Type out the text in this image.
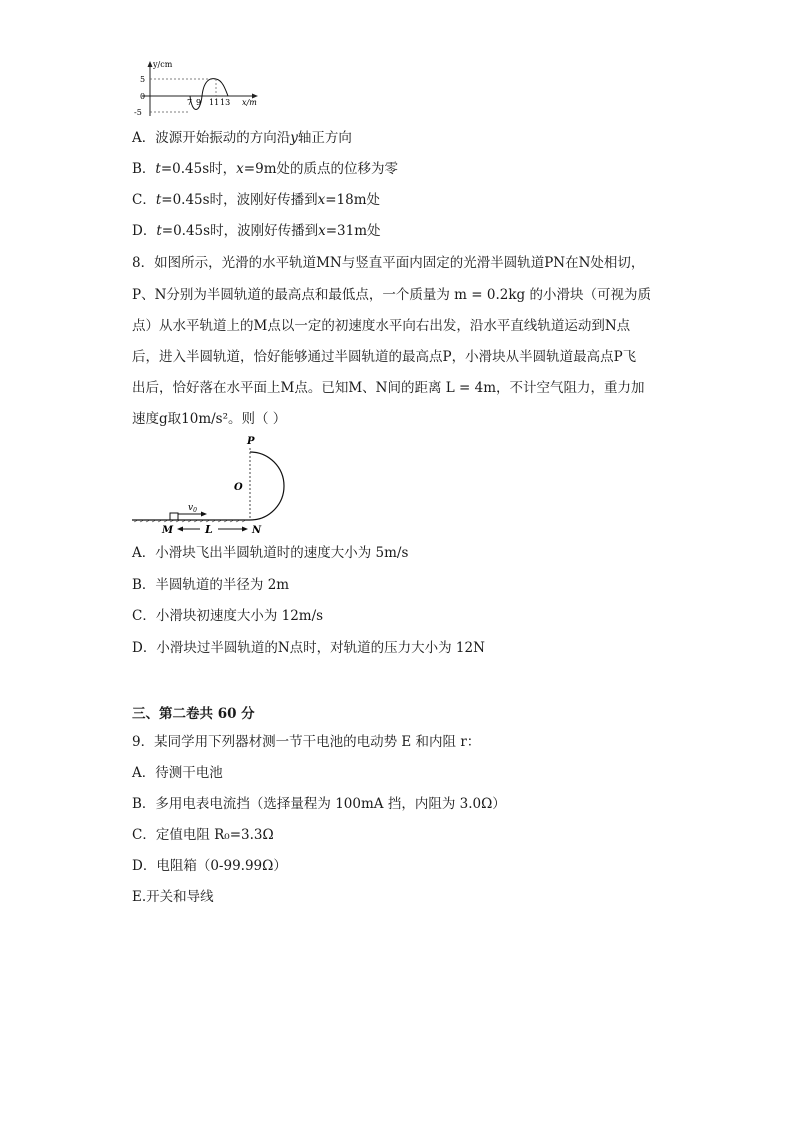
y/cm
x/m
5
0
-5
7 9 11 13
A．波源开始振动的方向沿y轴正方向
B．t=0.45s时，x=9m处的质点的位移为零
C．t=0.45s时，波刚好传播到x=18m处
D．t=0.45s时，波刚好传播到x=31m处
8．如图所示，光滑的水平轨道MN与竖直平面内固定的光滑半圆轨道PN在N处相切，
P、N分别为半圆轨道的最高点和最低点，一个质量为 m = 0.2kg 的小滑块（可视为质
点）从水平轨道上的M点以一定的初速度水平向右出发，沿水平直线轨道运动到N点
后，进入半圆轨道，恰好能够通过半圆轨道的最高点P，小滑块从半圆轨道最高点P飞
出后，恰好落在水平面上M点。已知M、N间的距离 L = 4m，不计空气阻力，重力加
速度g取10m/s²。则（ ）
$v_0$
L
M	N
O
P
A．小滑块飞出半圆轨道时的速度大小为 5m/s
B．半圆轨道的半径为 2m
C．小滑块初速度大小为 12m/s
D．小滑块过半圆轨道的N点时，对轨道的压力大小为 12N
三、第二卷共 60 分
9．某同学用下列器材测一节干电池的电动势 E 和内阻 r：
A．待测干电池
B．多用电表电流挡（选择量程为 100mA 挡，内阻为 3.0Ω）
C．定值电阻 R₀=3.3Ω
D．电阻箱（0-99.99Ω）
E.开关和导线
